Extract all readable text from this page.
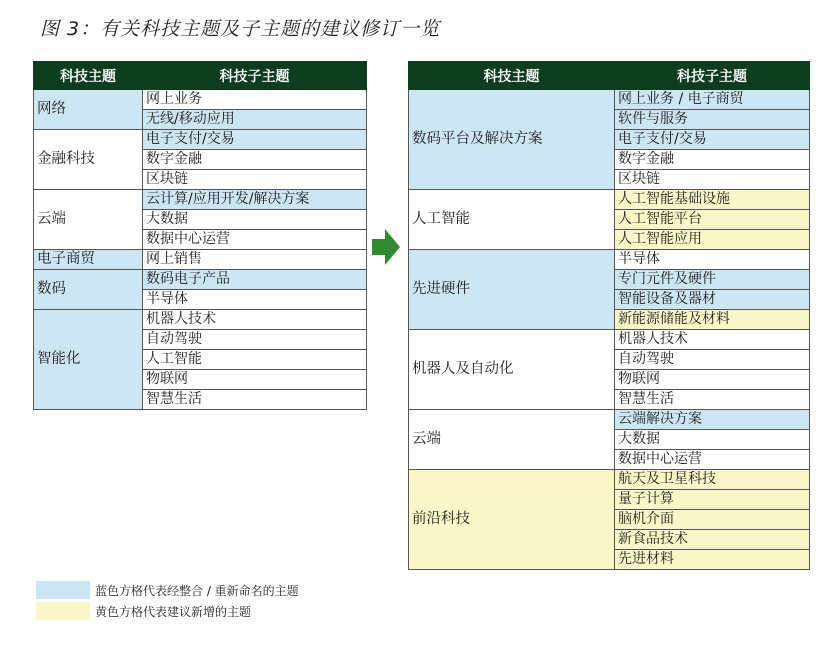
图 3：有关科技主题及子主题的建议修订一览
科技主题	科技子主题
网络	网上业务
	无线/移动应用
金融科技	电子支付/交易
	数字金融
	区块链
云端	云计算/应用开发/解决方案
	大数据
	数据中心运营
电子商贸	网上销售
数码	数码电子产品
	半导体
智能化	机器人技术
	自动驾驶
	人工智能
	物联网
	智慧生活
科技主题	科技子主题
数码平台及解决方案	网上业务 / 电子商贸
	软件与服务
	电子支付/交易
	数字金融
	区块链
人工智能	人工智能基础设施
	人工智能平台
	人工智能应用
先进硬件	半导体
	专门元件及硬件
	智能设备及器材
	新能源储能及材料
机器人及自动化	机器人技术
	自动驾驶
	物联网
	智慧生活
云端	云端解决方案
	大数据
	数据中心运营
前沿科技	航天及卫星科技
	量子计算
	脑机介面
	新食品技术
	先进材料
蓝色方格代表经整合 / 重新命名的主题
黄色方格代表建议新增的主题
